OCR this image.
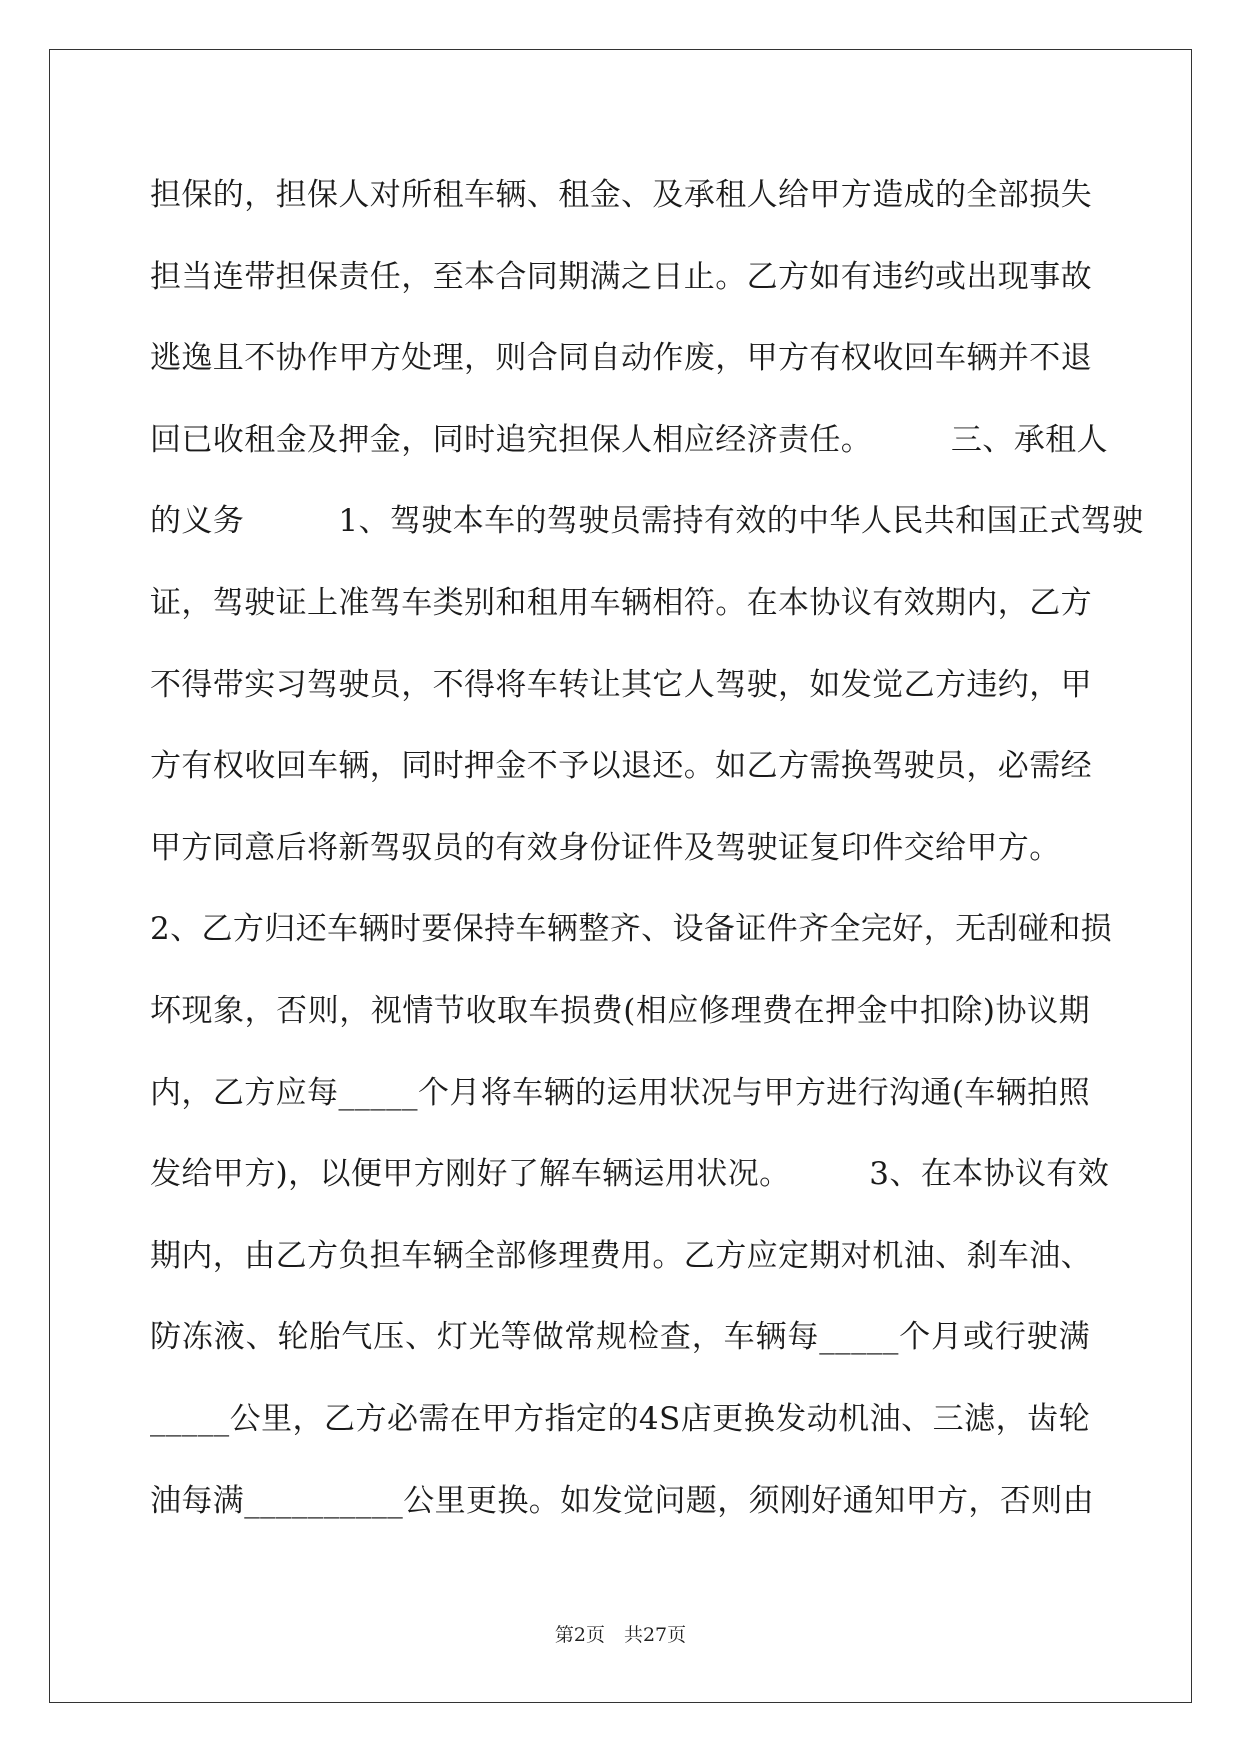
担保的，担保人对所租车辆、租金、及承租人给甲方造成的全部损失
担当连带担保责任，至本合同期满之日止。乙方如有违约或出现事故
逃逸且不协作甲方处理，则合同自动作废，甲方有权收回车辆并不退
回已收租金及押金，同时追究担保人相应经济责任。　　　三、承租人
的义务　　　1、驾驶本车的驾驶员需持有效的中华人民共和国正式驾驶
证，驾驶证上准驾车类别和租用车辆相符。在本协议有效期内，乙方
不得带实习驾驶员，不得将车转让其它人驾驶，如发觉乙方违约，甲
方有权收回车辆，同时押金不予以退还。如乙方需换驾驶员，必需经
甲方同意后将新驾驭员的有效身份证件及驾驶证复印件交给甲方。
2、乙方归还车辆时要保持车辆整齐、设备证件齐全完好，无刮碰和损
坏现象，否则，视情节收取车损费(相应修理费在押金中扣除)协议期
内，乙方应每_____个月将车辆的运用状况与甲方进行沟通(车辆拍照
发给甲方)，以便甲方刚好了解车辆运用状况。　　　3、在本协议有效
期内，由乙方负担车辆全部修理费用。乙方应定期对机油、刹车油、
防冻液、轮胎气压、灯光等做常规检查，车辆每_____个月或行驶满
_____公里，乙方必需在甲方指定的4S店更换发动机油、三滤，齿轮
油每满__________公里更换。如发觉问题，须刚好通知甲方，否则由
第2页　共27页
